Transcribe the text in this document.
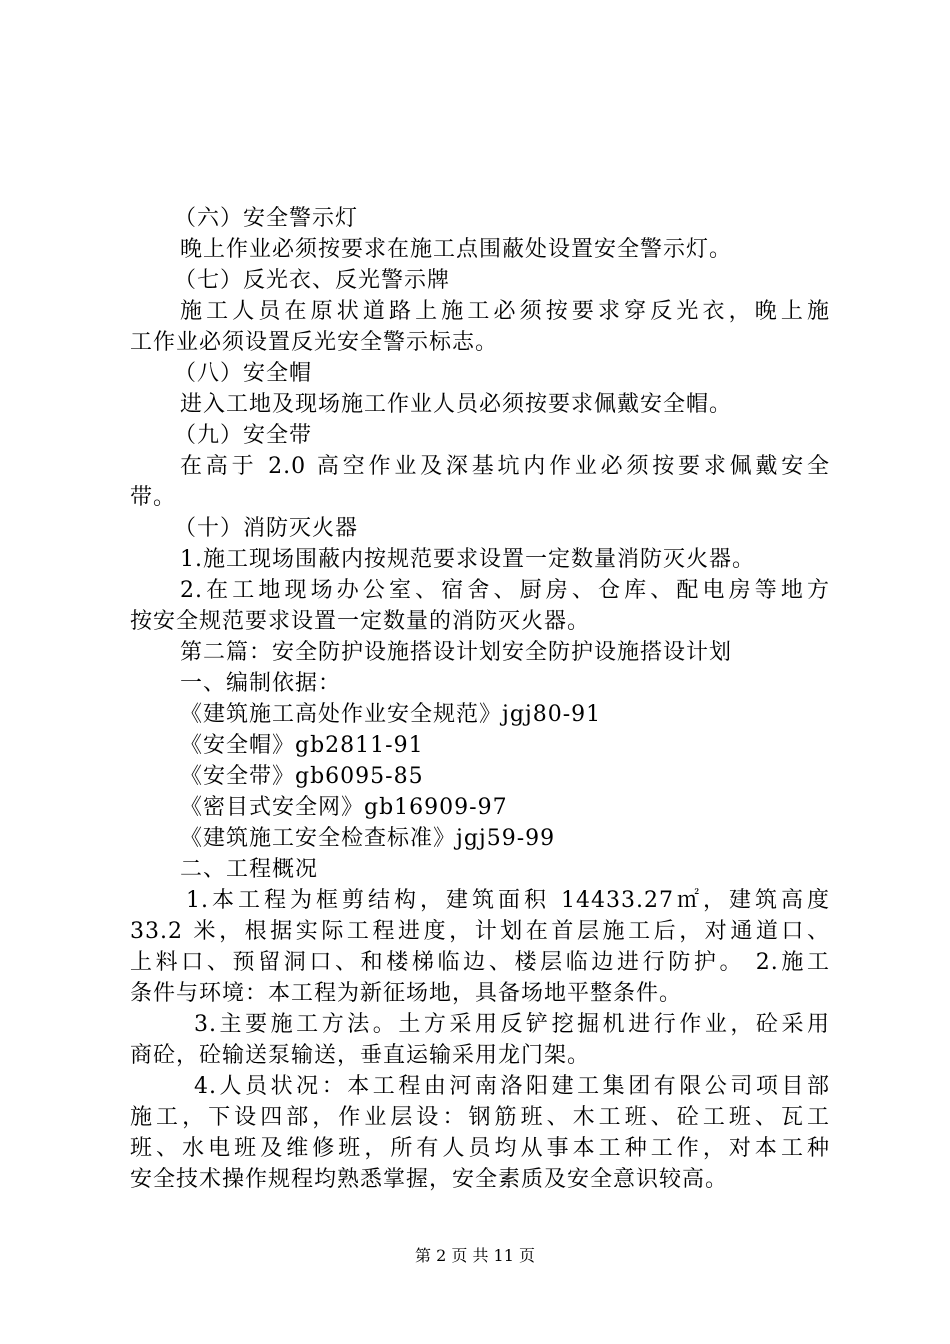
（六）安全警示灯
晚上作业必须按要求在施工点围蔽处设置安全警示灯。
（七）反光衣、反光警示牌
施工人员在原状道路上施工必须按要求穿反光衣，晚上施
工作业必须设置反光安全警示标志。
（八）安全帽
进入工地及现场施工作业人员必须按要求佩戴安全帽。
（九）安全带
在高于 2.0 高空作业及深基坑内作业必须按要求佩戴安全
带。
（十）消防灭火器
1.施工现场围蔽内按规范要求设置一定数量消防灭火器。
2.在工地现场办公室、宿舍、厨房、仓库、配电房等地方
按安全规范要求设置一定数量的消防灭火器。
第二篇：安全防护设施搭设计划安全防护设施搭设计划
一、编制依据：
《建筑施工高处作业安全规范》jgj80-91
《安全帽》gb2811-91
《安全带》gb6095-85
《密目式安全网》gb16909-97
《建筑施工安全检查标准》jgj59-99
二、工程概况
1.本工程为框剪结构，建筑面积 14433.27㎡，建筑高度
33.2 米，根据实际工程进度，计划在首层施工后，对通道口、
上料口、预留洞口、和楼梯临边、楼层临边进行防护。 2.施工
条件与环境：本工程为新征场地，具备场地平整条件。
3.主要施工方法。土方采用反铲挖掘机进行作业，砼采用
商砼，砼输送泵输送，垂直运输采用龙门架。
4.人员状况：本工程由河南洛阳建工集团有限公司项目部
施工，下设四部，作业层设：钢筋班、木工班、砼工班、瓦工
班、水电班及维修班，所有人员均从事本工种工作，对本工种
安全技术操作规程均熟悉掌握，安全素质及安全意识较高。
第 2 页 共 11 页
